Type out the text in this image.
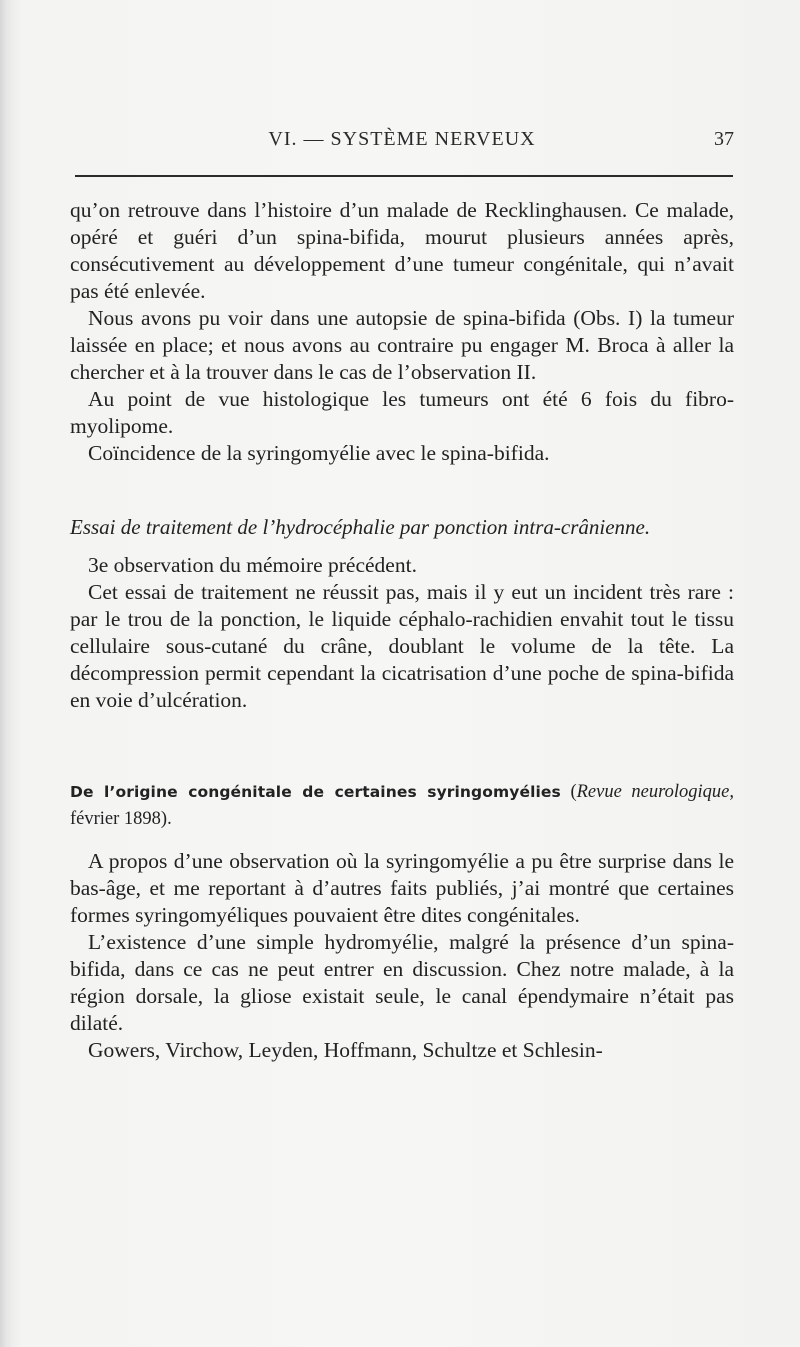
VI. — SYSTÈME NERVEUX	37

qu’on retrouve dans l’histoire d’un malade de Recklinghausen. Ce malade, opéré et guéri d’un spina-bifida, mourut plusieurs années après, consécutivement au développement d’une tumeur congénitale, qui n’avait pas été enlevée.

Nous avons pu voir dans une autopsie de spina-bifida (Obs. I) la tumeur laissée en place; et nous avons au contraire pu engager M. Broca à aller la chercher et à la trouver dans le cas de l’observation II.

Au point de vue histologique les tumeurs ont été 6 fois du fibro-myolipome.

Coïncidence de la syringomyélie avec le spina-bifida.

Essai de traitement de l’hydrocéphalie par ponction intra-crânienne.

3e observation du mémoire précédent.

Cet essai de traitement ne réussit pas, mais il y eut un incident très rare : par le trou de la ponction, le liquide céphalo-rachidien envahit tout le tissu cellulaire sous-cutané du crâne, doublant le volume de la tête. La décompression permit cependant la cicatrisation d’une poche de spina-bifida en voie d’ulcération.

De l’origine congénitale de certaines syringomyélies (Revue neurologique, février 1898).

A propos d’une observation où la syringomyélie a pu être surprise dans le bas-âge, et me reportant à d’autres faits publiés, j’ai montré que certaines formes syringomyéliques pouvaient être dites congénitales.

L’existence d’une simple hydromyélie, malgré la présence d’un spina-bifida, dans ce cas ne peut entrer en discussion. Chez notre malade, à la région dorsale, la gliose existait seule, le canal épendymaire n’était pas dilaté.

Gowers, Virchow, Leyden, Hoffmann, Schultze et Schlesin-
